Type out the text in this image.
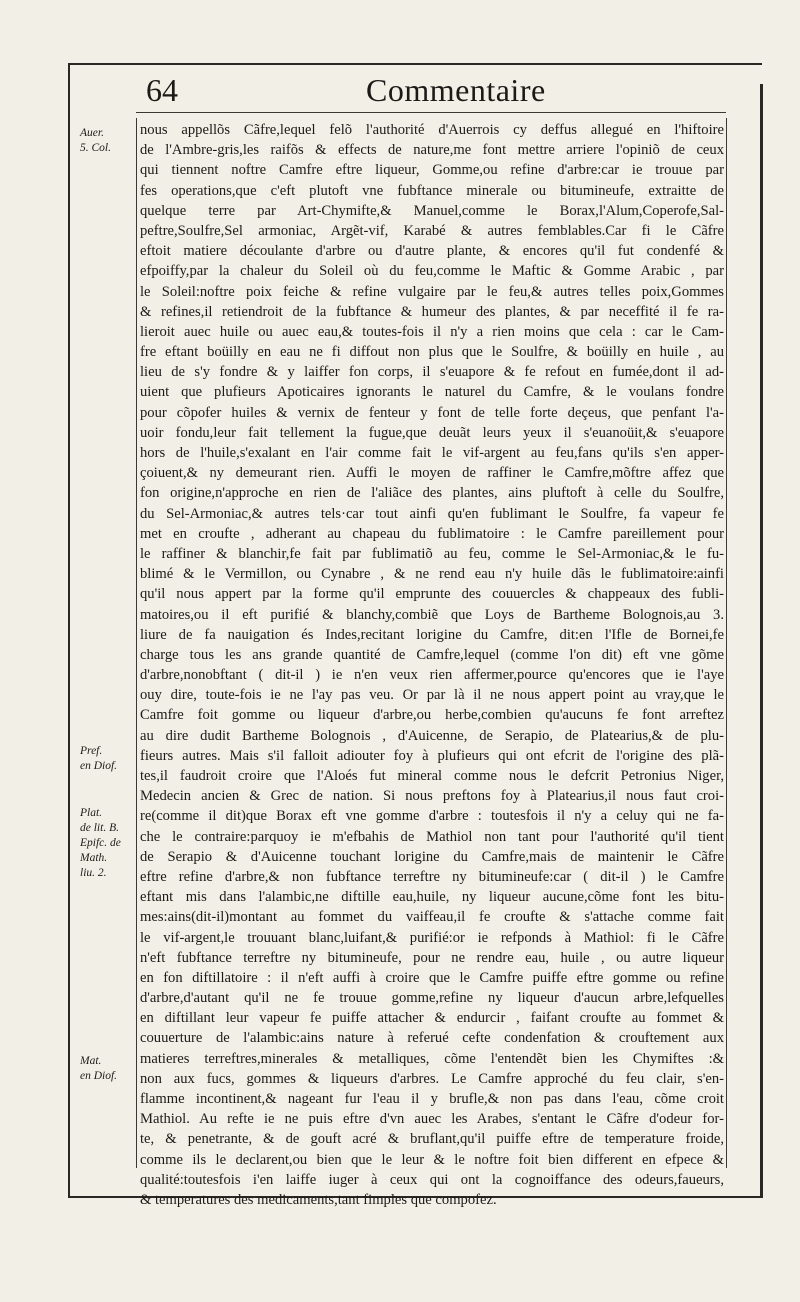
64	Commentaire
Auer.
5. Col.
Pref.
en Diof.
Plat.
de lit. B.
Epifc. de
Math.
liu. 2.
Mat.
en Diof.
nous appellõs Cãfre,lequel felõ l'authorité d'Auerrois cy deffus allegué en l'hiftoire
de l'Ambre-gris,les raifõs & effects de nature,me font mettre arriere l'opiniõ de ceux
qui tiennent noftre Camfre eftre liqueur, Gomme,ou refine d'arbre:car ie trouue par
fes operations,que c'eft plutoft vne fubftance minerale ou bitumineufe, extraitte de
quelque terre par Art-Chymifte,& Manuel,comme le Borax,l'Alum,Coperofe,Sal-
peftre,Soulfre,Sel armoniac, Argẽt-vif, Karabé & autres femblables.Car fi le Cãfre
eftoit matiere découlante d'arbre ou d'autre plante, & encores qu'il fut condenfé &
efpoiffy,par la chaleur du Soleil où du feu,comme le Maftic & Gomme Arabic , par
le Soleil:noftre poix feiche & refine vulgaire par le feu,& autres telles poix,Gommes
& refines,il retiendroit de la fubftance & humeur des plantes, & par neceffité il fe ra-
lieroit auec huile ou auec eau,& toutes-fois il n'y a rien moins que cela : car le Cam-
fre eftant boüilly en eau ne fi diffout non plus que le Soulfre, & boüilly en huile , au
lieu de s'y fondre & y laiffer fon corps, il s'euapore & fe refout en fumée,dont il ad-
uient que plufieurs Apoticaires ignorants le naturel du Camfre, & le voulans fondre
pour cõpofer huiles & vernix de fenteur y font de telle forte deçeus, que penfant l'a-
uoir fondu,leur fait tellement la fugue,que deuãt leurs yeux il s'euanoüit,& s'euapore
hors de l'huile,s'exalant en l'air comme fait le vif-argent au feu,fans qu'ils s'en apper-
çoiuent,& ny demeurant rien. Auffi le moyen de raffiner le Camfre,mõftre affez que
fon origine,n'approche en rien de l'aliãce des plantes, ains pluftoft à celle du Soulfre,
du Sel-Armoniac,& autres tels·car tout ainfi qu'en fublimant le Soulfre, fa vapeur fe
met en croufte , adherant au chapeau du fublimatoire : le Camfre pareillement pour
le raffiner & blanchir,fe fait par fublimatiõ au feu, comme le Sel-Armoniac,& le fu-
blimé & le Vermillon, ou Cynabre , & ne rend eau n'y huile dãs le fublimatoire:ainfi
qu'il nous appert par la forme qu'il emprunte des couuercles & chappeaux des fubli-
matoires,ou il eft purifié & blanchy,combiẽ que Loys de Bartheme Bolognois,au 3.
liure de fa nauigation és Indes,recitant lorigine du Camfre, dit:en l'Ifle de Bornei,fe
charge tous les ans grande quantité de Camfre,lequel (comme l'on dit) eft vne gõme
d'arbre,nonobftant ( dit-il ) ie n'en veux rien affermer,pource qu'encores que ie l'aye
ouy dire, toute-fois ie ne l'ay pas veu. Or par là il ne nous appert point au vray,que le
Camfre foit gomme ou liqueur d'arbre,ou herbe,combien qu'aucuns fe font arreftez
au dire dudit Bartheme Bolognois , d'Auicenne, de Serapio, de Platearius,& de plu-
fieurs autres. Mais s'il falloit adiouter foy à plufieurs qui ont efcrit de l'origine des plã-
tes,il faudroit croire que l'Aloés fut mineral comme nous le defcrit Petronius Niger,
Medecin ancien & Grec de nation. Si nous preftons foy à Platearius,il nous faut croi-
re(comme il dit)que Borax eft vne gomme d'arbre : toutesfois il n'y a celuy qui ne fa-
che le contraire:parquoy ie m'efbahis de Mathiol non tant pour l'authorité qu'il tient
de Serapio & d'Auicenne touchant lorigine du Camfre,mais de maintenir le Cãfre
eftre refine d'arbre,& non fubftance terreftre ny bitumineufe:car ( dit-il ) le Camfre
eftant mis dans l'alambic,ne diftille eau,huile, ny liqueur aucune,cõme font les bitu-
mes:ains(dit-il)montant au fommet du vaiffeau,il fe croufte & s'attache comme fait
le vif-argent,le trouuant blanc,luifant,& purifié:or ie refponds à Mathiol: fi le Cãfre
n'eft fubftance terreftre ny bitumineufe, pour ne rendre eau, huile , ou autre liqueur
en fon diftillatoire : il n'eft auffi à croire que le Camfre puiffe eftre gomme ou refine
d'arbre,d'autant qu'il ne fe trouue gomme,refine ny liqueur d'aucun arbre,lefquelles
en diftillant leur vapeur fe puiffe attacher & endurcir , faifant croufte au fommet &
couuerture de l'alambic:ains nature à referué cefte condenfation & crouftement aux
matieres terreftres,minerales & metalliques, cõme l'entendẽt bien les Chymiftes :&
non aux fucs, gommes & liqueurs d'arbres. Le Camfre approché du feu clair, s'en-
flamme incontinent,& nageant fur l'eau il y brufle,& non pas dans l'eau, cõme croit
Mathiol. Au refte ie ne puis eftre d'vn auec les Arabes, s'entant le Cãfre d'odeur for-
te, & penetrante, & de gouft acré & bruflant,qu'il puiffe eftre de temperature froide,
comme ils le declarent,ou bien que le leur & le noftre foit bien different en efpece &
qualité:toutesfois i'en laiffe iuger à ceux qui ont la cognoiffance des odeurs,faueurs,
& temperatures des medicaments,tant fimples que compofez.
